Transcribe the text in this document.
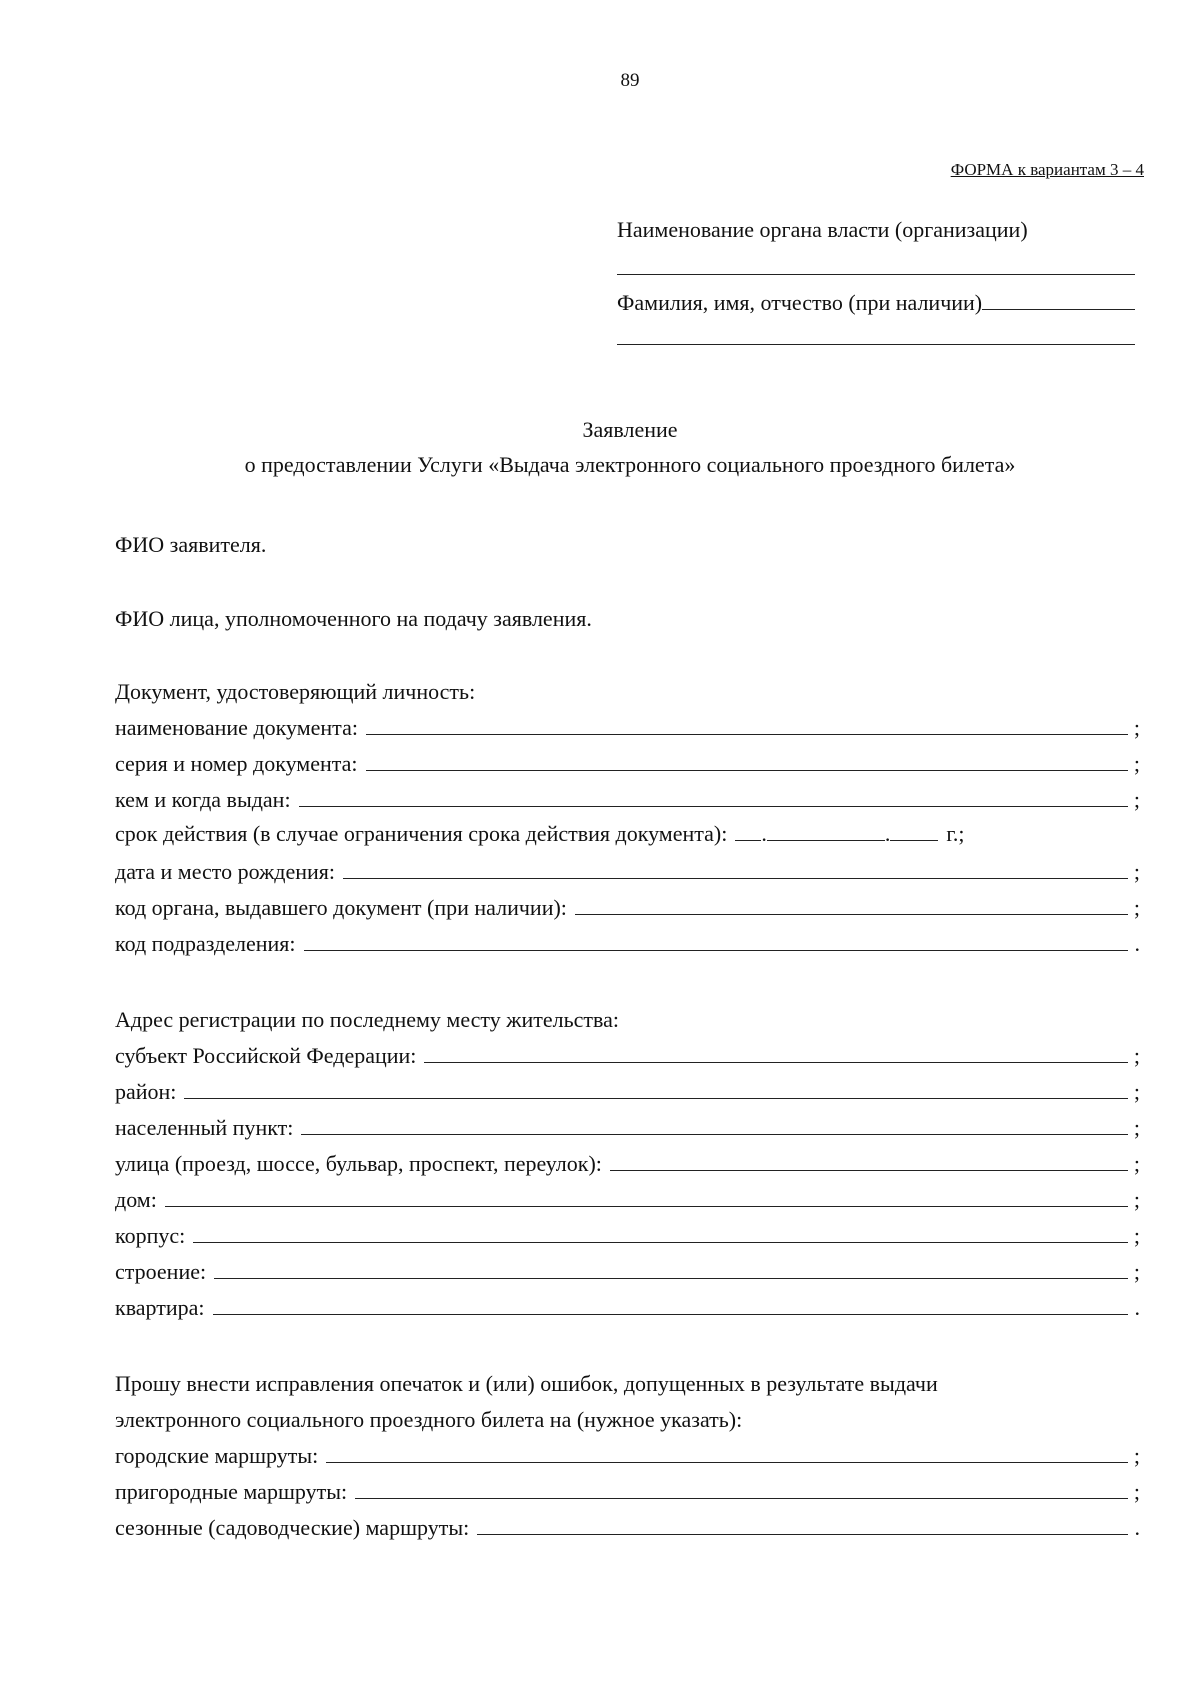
89
ФОРМА к вариантам 3 – 4
Наименование органа власти (организации)
Фамилия, имя, отчество (при наличии)
Заявление
о предоставлении Услуги «Выдача электронного социального проездного билета»
ФИО заявителя.
ФИО лица, уполномоченного на подачу заявления.
Документ, удостоверяющий личность:
наименование документа:	;
серия и номер документа:	;
кем и когда выдан:	;
срок действия (в случае ограничения срока действия документа): .	.	г.;
дата и место рождения:	;
код органа, выдавшего документ (при наличии):	;
код подразделения:	.
Адрес регистрации по последнему месту жительства:
субъект Российской Федерации:	;
район:	;
населенный пункт:	;
улица (проезд, шоссе, бульвар, проспект, переулок):	;
дом:	;
корпус:	;
строение:	;
квартира:	.
Прошу внести исправления опечаток и (или) ошибок, допущенных в результате выдачи
электронного социального проездного билета на (нужное указать):
городские маршруты:	;
пригородные маршруты:	;
сезонные (садоводческие) маршруты:	.
